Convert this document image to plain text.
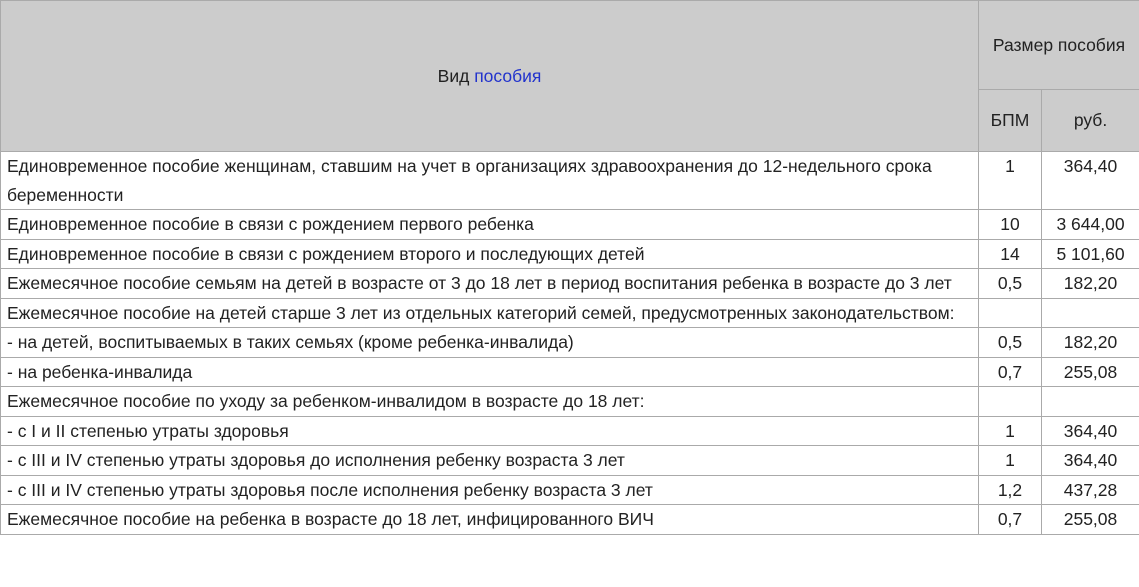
Вид пособия	Размер пособия	
	БПМ	руб.
Единовременное пособие женщинам, ставшим на учет в организациях здравоохранения до 12-недельного срока беременности	1	364,40
Единовременное пособие в связи с рождением первого ребенка	10	3 644,00
Единовременное пособие в связи с рождением второго и последующих детей	14	5 101,60
Ежемесячное пособие семьям на детей в возрасте от 3 до 18 лет в период воспитания ребенка в возрасте до 3 лет	0,5	182,20
Ежемесячное пособие на детей старше 3 лет из отдельных категорий семей, предусмотренных законодательством:		
- на детей, воспитываемых в таких семьях (кроме ребенка-инвалида)	0,5	182,20
- на ребенка-инвалида	0,7	255,08
Ежемесячное пособие по уходу за ребенком-инвалидом в возрасте до 18 лет:		
- с I и II степенью утраты здоровья	1	364,40
- с III и IV степенью утраты здоровья до исполнения ребенку возраста 3 лет	1	364,40
- с III и IV степенью утраты здоровья после исполнения ребенку возраста 3 лет	1,2	437,28
Ежемесячное пособие на ребенка в возрасте до 18 лет, инфицированного ВИЧ	0,7	255,08
